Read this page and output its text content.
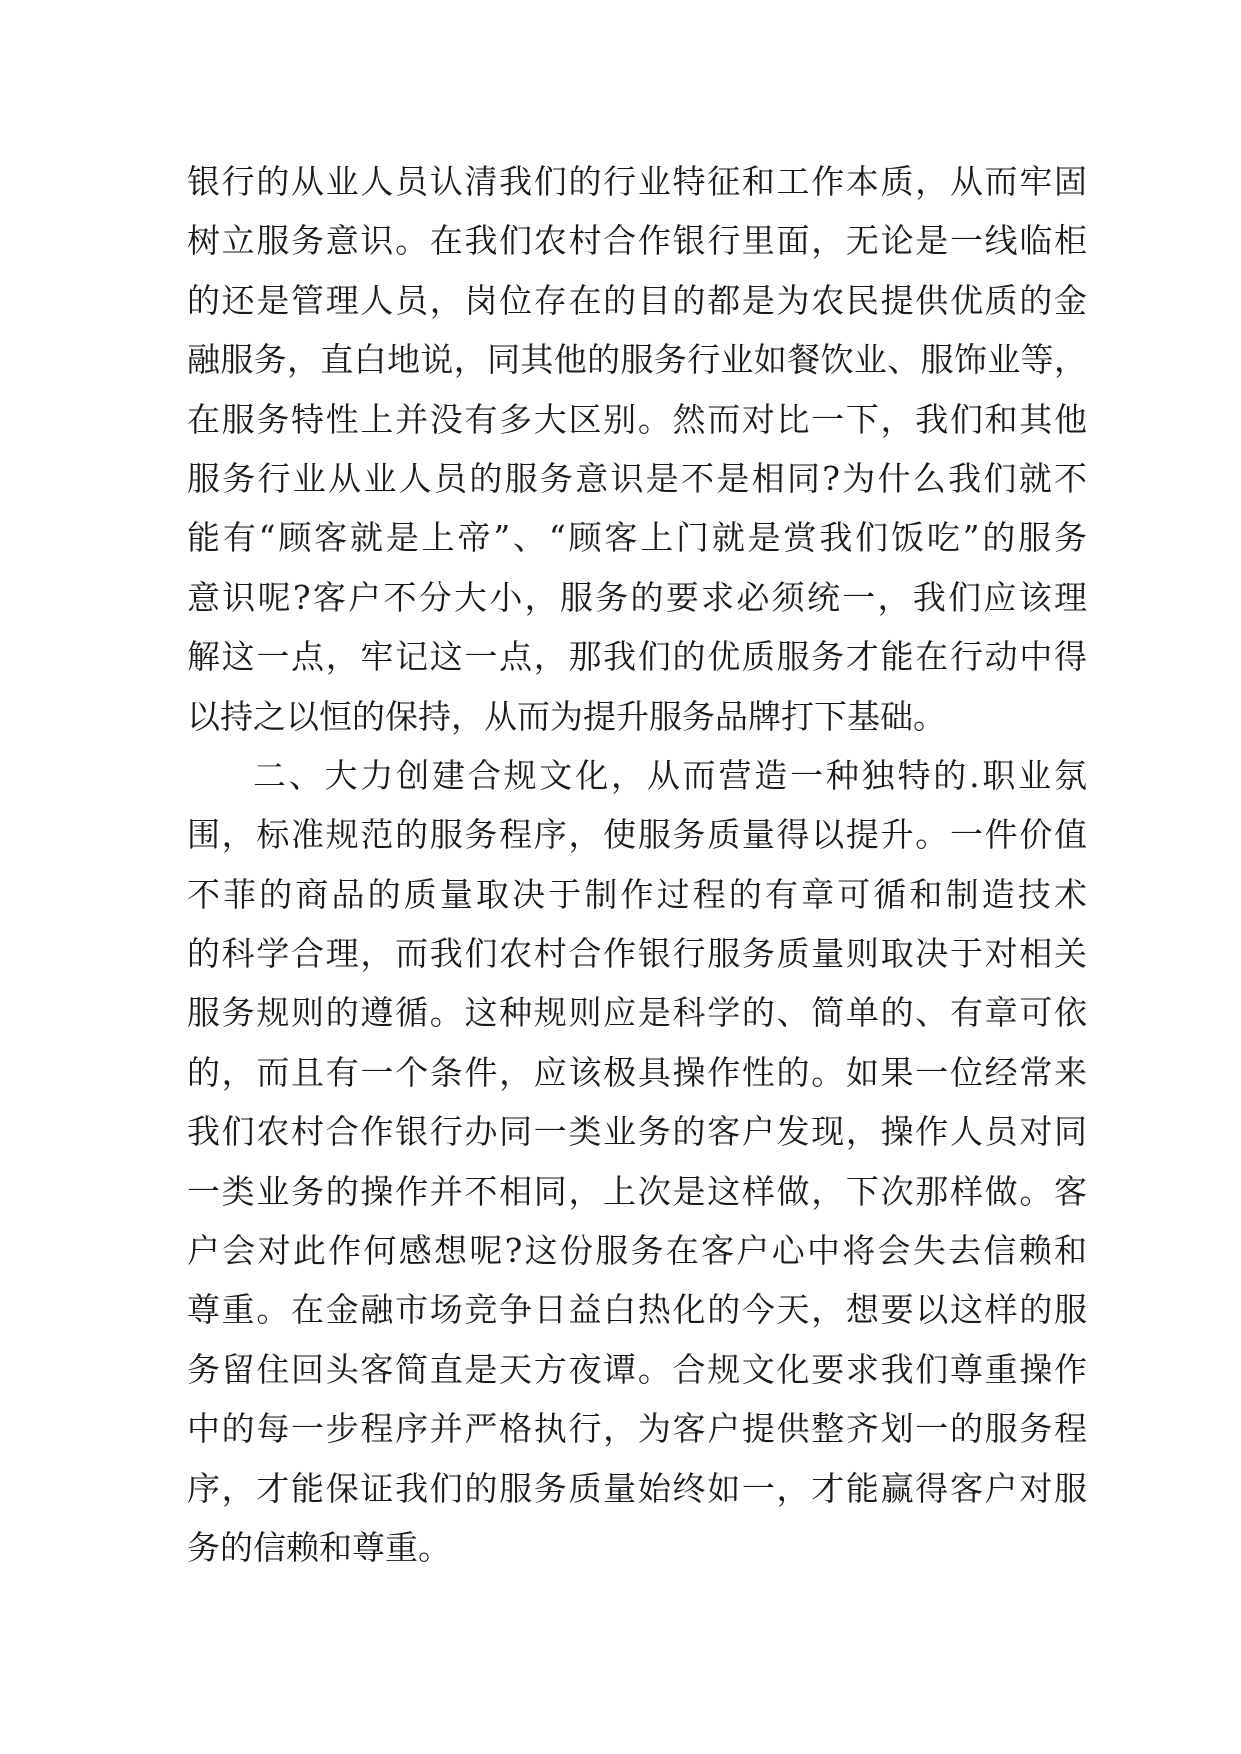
银行的从业人员认清我们的行业特征和工作本质，从而牢固
树立服务意识。在我们农村合作银行里面，无论是一线临柜
的还是管理人员，岗位存在的目的都是为农民提供优质的金
融服务，直白地说，同其他的服务行业如餐饮业、服饰业等，
在服务特性上并没有多大区别。然而对比一下，我们和其他
服务行业从业人员的服务意识是不是相同?为什么我们就不
能有“顾客就是上帝”、“顾客上门就是赏我们饭吃”的服务
意识呢?客户不分大小，服务的要求必须统一，我们应该理
解这一点，牢记这一点，那我们的优质服务才能在行动中得
以持之以恒的保持，从而为提升服务品牌打下基础。
二、大力创建合规文化，从而营造一种独特的.职业氛
围，标准规范的服务程序，使服务质量得以提升。一件价值
不菲的商品的质量取决于制作过程的有章可循和制造技术
的科学合理，而我们农村合作银行服务质量则取决于对相关
服务规则的遵循。这种规则应是科学的、简单的、有章可依
的，而且有一个条件，应该极具操作性的。如果一位经常来
我们农村合作银行办同一类业务的客户发现，操作人员对同
一类业务的操作并不相同，上次是这样做，下次那样做。客
户会对此作何感想呢?这份服务在客户心中将会失去信赖和
尊重。在金融市场竞争日益白热化的今天，想要以这样的服
务留住回头客简直是天方夜谭。合规文化要求我们尊重操作
中的每一步程序并严格执行，为客户提供整齐划一的服务程
序，才能保证我们的服务质量始终如一，才能赢得客户对服
务的信赖和尊重。
